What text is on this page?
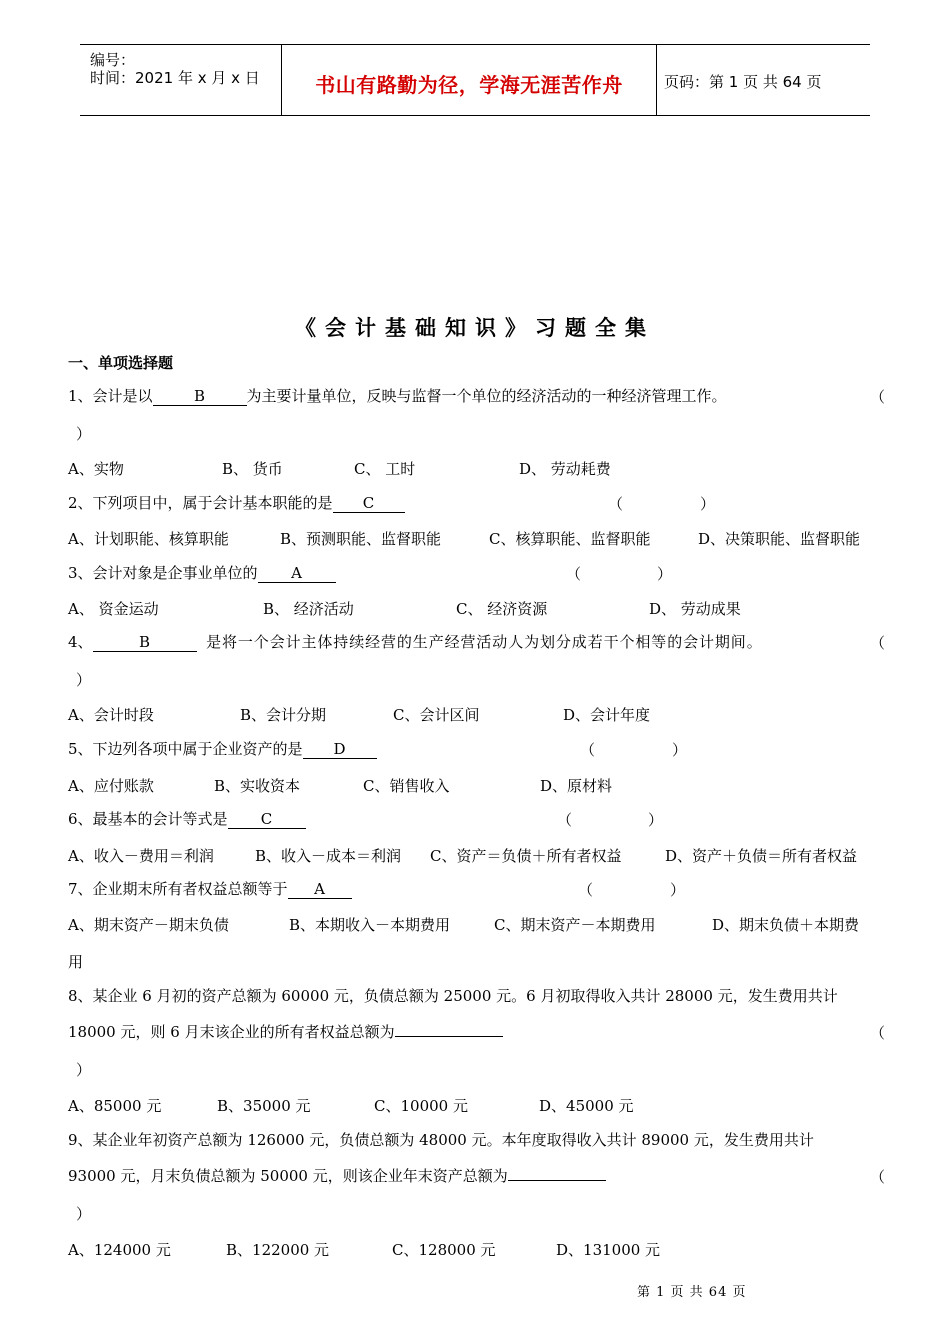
编号：
时间：2021 年 x 月 x 日	书山有路勤为径，学海无涯苦作舟	页码：第 1 页 共 64 页
《会计基础知识》习题全集
一、单项选择题
1、会计是以	B	为主要计量单位，反映与监督一个单位的经济活动的一种经济管理工作。	（
）
A、实物	B、 货币	C、 工时	D、 劳动耗费
2、下列项目中，属于会计基本职能的是 C	（	）
A、计划职能、核算职能	B、预测职能、监督职能	C、核算职能、监督职能	D、决策职能、监督职能
3、会计对象是企事业单位的 A	（	）
A、 资金运动	B、 经济活动	C、 经济资源	D、 劳动成果
4、	B	是将一个会计主体持续经营的生产经营活动人为划分成若干个相等的会计期间。	（
）
A、会计时段	B、会计分期	C、会计区间	D、会计年度
5、下边列各项中属于企业资产的是 D	（	）
A、应付账款	B、实收资本	C、销售收入	D、原材料
6、最基本的会计等式是 C	（	）
A、收入－费用＝利润	B、收入－成本＝利润 C、资产＝负债＋所有者权益	D、资产＋负债＝所有者权益
7、企业期末所有者权益总额等于 A	（	）
A、期末资产－期末负债	B、本期收入－本期费用	C、期末资产－本期费用	D、期末负债＋本期费
用
8、某企业 6 月初的资产总额为 60000 元，负债总额为 25000 元。6 月初取得收入共计 28000 元，发生费用共计
18000 元，则 6 月末该企业的所有者权益总额为	（
）
A、85000 元	B、35000 元	C、10000 元	D、45000 元
9、某企业年初资产总额为 126000 元，负债总额为 48000 元。本年度取得收入共计 89000 元，发生费用共计
93000 元，月末负债总额为 50000 元，则该企业年末资产总额为	（
）
A、124000 元	B、122000 元	C、128000 元	D、131000 元
第 1 页 共 64 页
